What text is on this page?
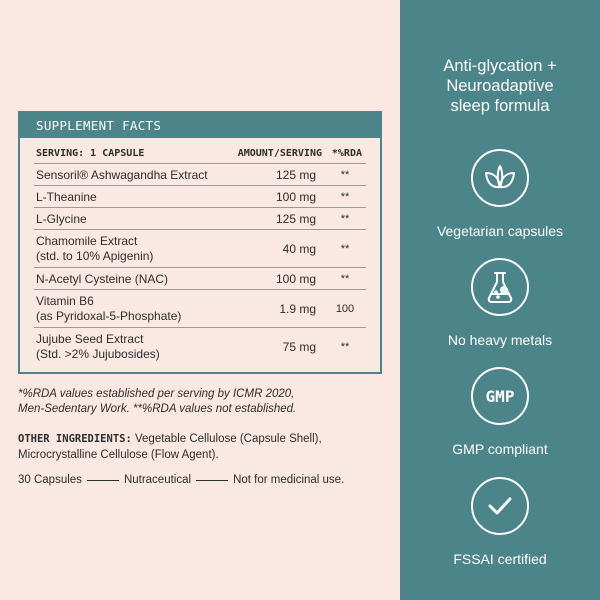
SUPPLEMENT FACTS
SERVING: 1 CAPSULE	AMOUNT/SERVING *%RDA
Sensoril® Ashwagandha Extract	125 mg	**
L-Theanine	100 mg	**
L-Glycine	125 mg	**
Chamomile Extract
(std. to 10% Apigenin)	40 mg	**
N-Acetyl Cysteine (NAC)	100 mg	**
Vitamin B6
(as Pyridoxal-5-Phosphate)	1.9 mg	100
Jujube Seed Extract
(Std. >2% Jujubosides)	75 mg	**
*%RDA values established per serving by ICMR 2020,
Men-Sedentary Work. **%RDA values not established.
OTHER INGREDIENTS: Vegetable Cellulose (Capsule Shell),
Microcrystalline Cellulose (Flow Agent).
30 Capsules	Nutraceutical	Not for medicinal use.
Anti-glycation +
Neuroadaptive
sleep formula
Vegetarian capsules
No heavy metals
GMP
GMP compliant
FSSAI certified
